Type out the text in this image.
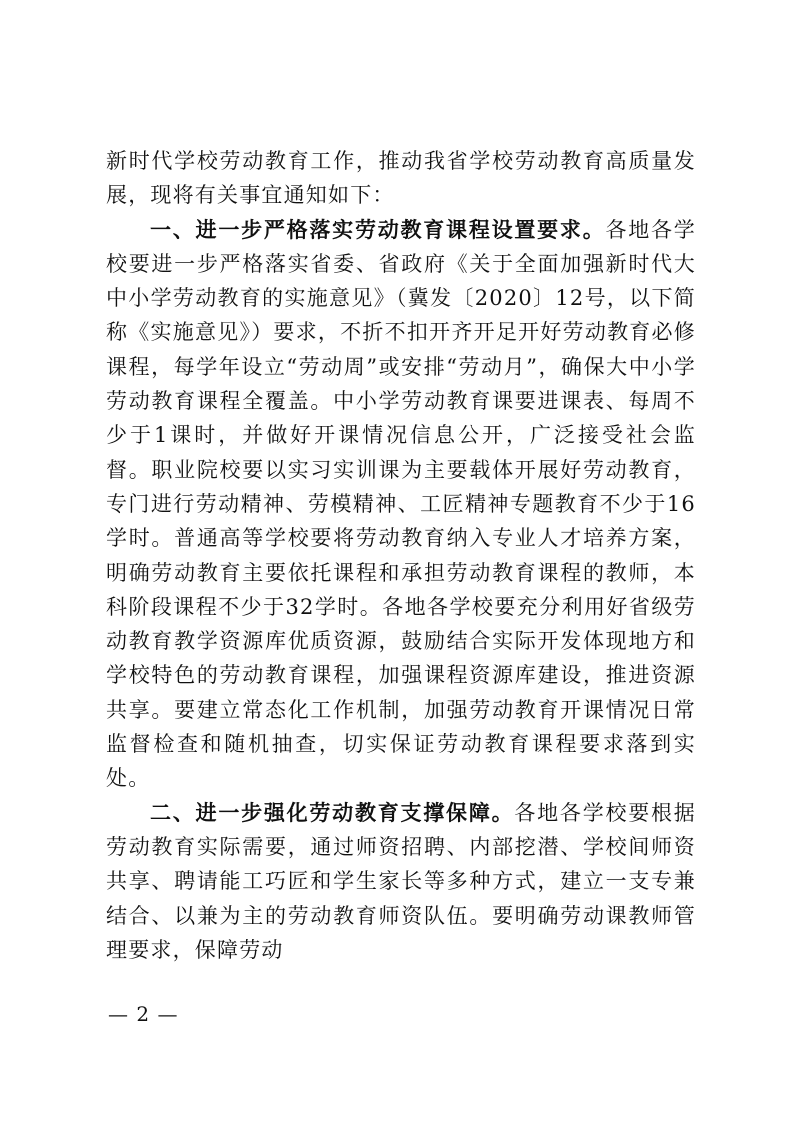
新时代学校劳动教育工作，推动我省学校劳动教育高质量发展，现将有关事宜通知如下：

一、进一步严格落实劳动教育课程设置要求。各地各学校要进一步严格落实省委、省政府《关于全面加强新时代大中小学劳动教育的实施意见》（冀发〔2020〕12号，以下简称《实施意见》）要求，不折不扣开齐开足开好劳动教育必修课程，每学年设立“劳动周”或安排“劳动月”，确保大中小学劳动教育课程全覆盖。中小学劳动教育课要进课表、每周不少于1课时，并做好开课情况信息公开，广泛接受社会监督。职业院校要以实习实训课为主要载体开展好劳动教育，专门进行劳动精神、劳模精神、工匠精神专题教育不少于16学时。普通高等学校要将劳动教育纳入专业人才培养方案，明确劳动教育主要依托课程和承担劳动教育课程的教师，本科阶段课程不少于32学时。各地各学校要充分利用好省级劳动教育教学资源库优质资源，鼓励结合实际开发体现地方和学校特色的劳动教育课程，加强课程资源库建设，推进资源共享。要建立常态化工作机制，加强劳动教育开课情况日常监督检查和随机抽查，切实保证劳动教育课程要求落到实处。

二、进一步强化劳动教育支撑保障。各地各学校要根据劳动教育实际需要，通过师资招聘、内部挖潜、学校间师资共享、聘请能工巧匠和学生家长等多种方式，建立一支专兼结合、以兼为主的劳动教育师资队伍。要明确劳动课教师管理要求，保障劳动

— 2 —
